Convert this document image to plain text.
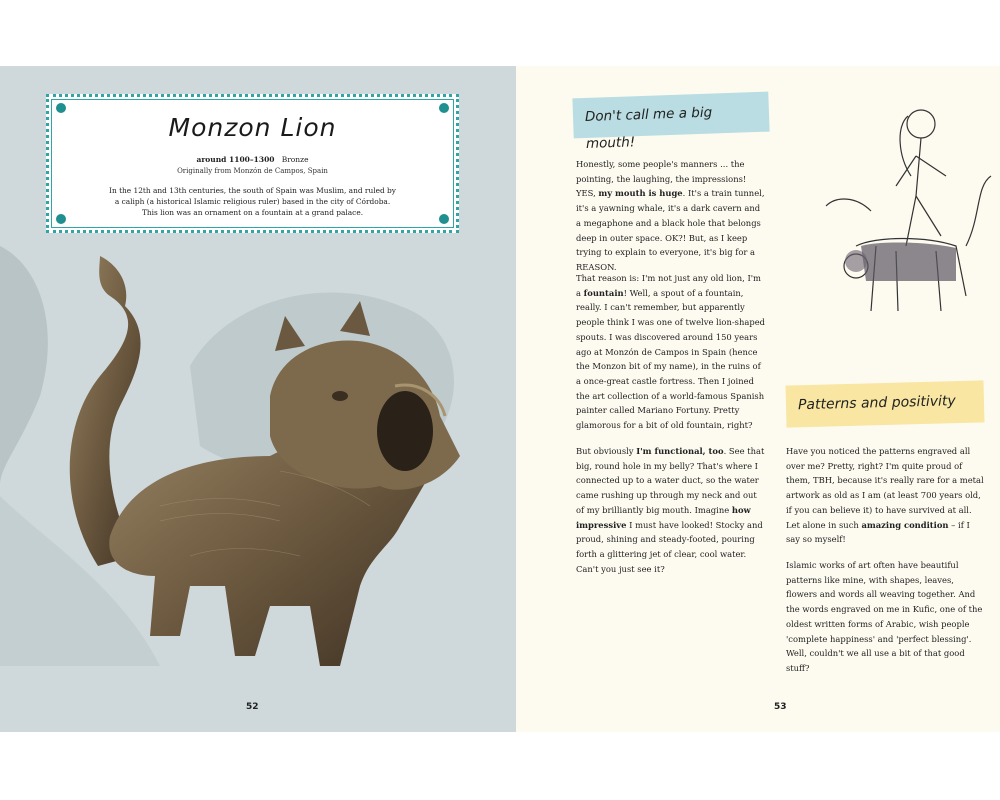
Monzon Lion
around 1100–1300 Bronze
Originally from Monzón de Campos, Spain
In the 12th and 13th centuries, the south of Spain was Muslim, and ruled by a caliph (a historical Islamic religious ruler) based in the city of Córdoba. This lion was an ornament on a fountain at a grand palace.
52
Don't call me a big mouth!

Honestly, some people's manners ... the pointing, the laughing, the impressions! YES, my mouth is huge. It's a train tunnel, it's a yawning whale, it's a dark cavern and a megaphone and a black hole that belongs deep in outer space. OK?! But, as I keep trying to explain to everyone, it's big for a REASON.

That reason is: I'm not just any old lion, I'm a fountain! Well, a spout of a fountain, really. I can't remember, but apparently people think I was one of twelve lion-shaped spouts. I was discovered around 150 years ago at Monzón de Campos in Spain (hence the Monzon bit of my name), in the ruins of a once-great castle fortress. Then I joined the art collection of a world-famous Spanish painter called Mariano Fortuny. Pretty glamorous for a bit of old fountain, right?

But obviously I'm functional, too. See that big, round hole in my belly? That's where I connected up to a water duct, so the water came rushing up through my neck and out of my brilliantly big mouth. Imagine how impressive I must have looked! Stocky and proud, shining and steady-footed, pouring forth a glittering jet of clear, cool water. Can't you just see it?

Patterns and positivity

Have you noticed the patterns engraved all over me? Pretty, right? I'm quite proud of them, TBH, because it's really rare for a metal artwork as old as I am (at least 700 years old, if you can believe it) to have survived at all. Let alone in such amazing condition – if I say so myself!

Islamic works of art often have beautiful patterns like mine, with shapes, leaves, flowers and words all weaving together. And the words engraved on me in Kufic, one of the oldest written forms of Arabic, wish people 'complete happiness' and 'perfect blessing'. Well, couldn't we all use a bit of that good stuff?

53
